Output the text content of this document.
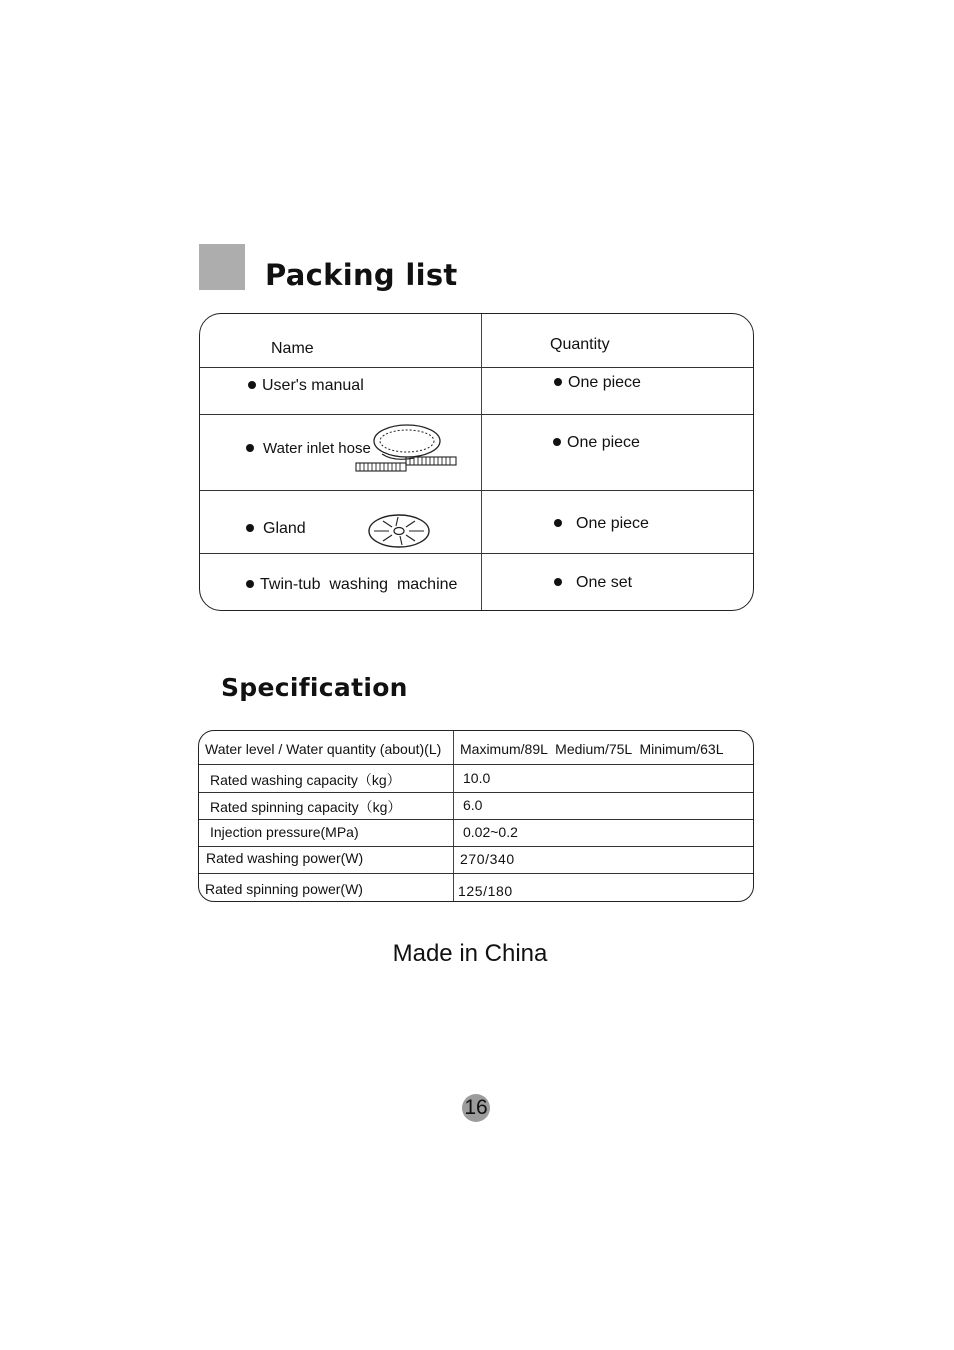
Packing list
Name	Quantity
User's manual	One piece
Water inlet hose	One piece
Gland	One piece
Twin-tub  washing  machine	One set
Specification
Water level / Water quantity (about)(L) Maximum/89L  Medium/75L  Minimum/63L
Rated washing capacity（kg）	10.0
Rated spinning capacity（kg）	6.0
Injection pressure(MPa)	0.02~0.2
Rated washing power(W)	270/340
Rated spinning power(W)	125/180
Made in China
16
